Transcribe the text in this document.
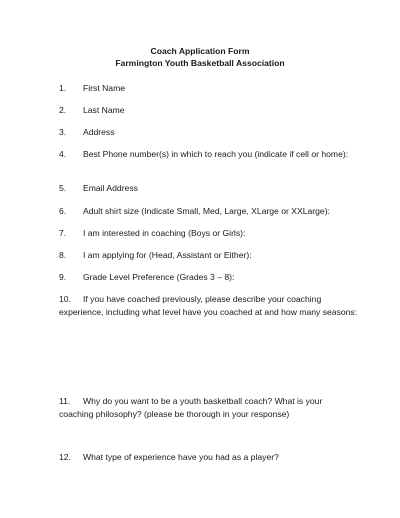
Coach Application Form
Farmington Youth Basketball Association
1. First Name
2. Last Name
3. Address
4. Best Phone number(s) in which to reach you (indicate if cell or home):
5. Email Address
6. Adult shirt size (Indicate Small, Med, Large, XLarge or XXLarge):
7. I am interested in coaching (Boys or Girls):
8. I am applying for (Head, Assistant or Either):
9. Grade Level Preference (Grades 3 – 8):
10. If you have coached previously, please describe your coaching experience, including what level have you coached at and how many seasons:
11. Why do you want to be a youth basketball coach? What is your coaching philosophy? (please be thorough in your response)
12. What type of experience have you had as a player?
